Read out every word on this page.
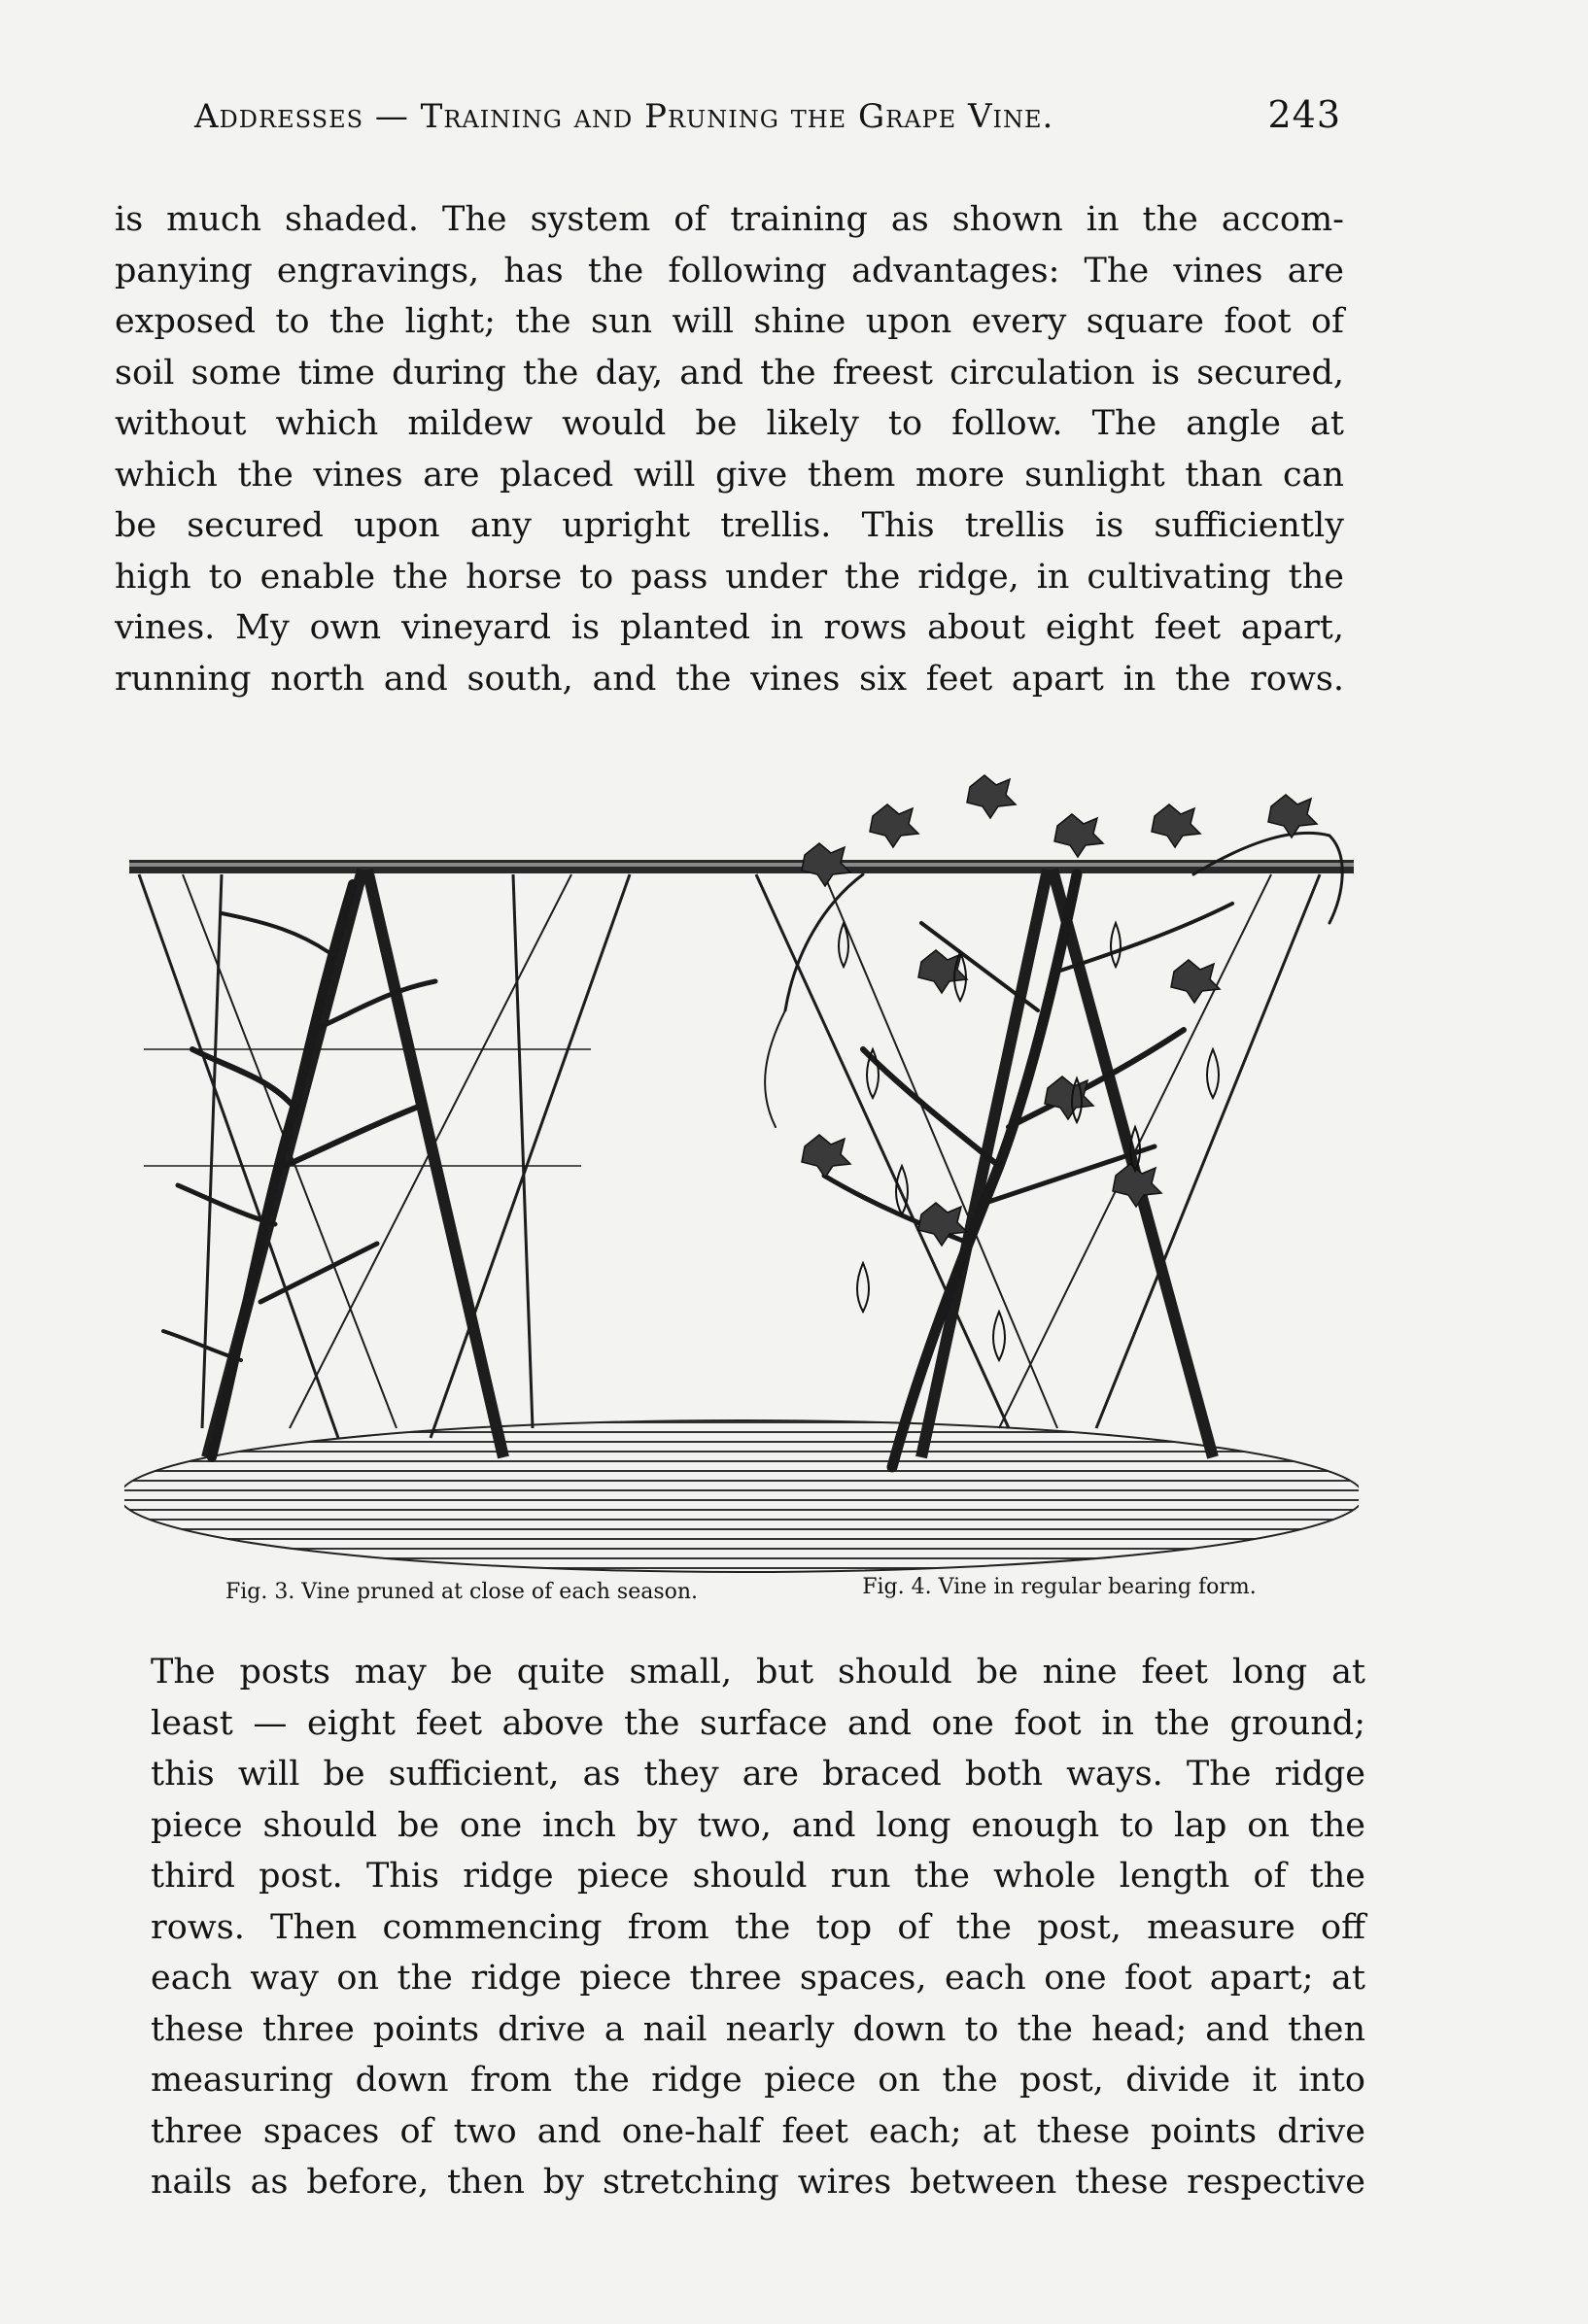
Addresses — Training and Pruning the Grape Vine.	243
is much shaded. The system of training as shown in the accom-
panying engravings, has the following advantages: The vines are
exposed to the light; the sun will shine upon every square foot of
soil some time during the day, and the freest circulation is secured,
without which mildew would be likely to follow. The angle at
which the vines are placed will give them more sunlight than can
be secured upon any upright trellis. This trellis is sufficiently
high to enable the horse to pass under the ridge, in cultivating the
vines. My own vineyard is planted in rows about eight feet apart,
running north and south, and the vines six feet apart in the rows.
Fig. 3. Vine pruned at close of each season.	Fig. 4. Vine in regular bearing form.
The posts may be quite small, but should be nine feet long at
least — eight feet above the surface and one foot in the ground;
this will be sufficient, as they are braced both ways. The ridge
piece should be one inch by two, and long enough to lap on the
third post. This ridge piece should run the whole length of the
rows. Then commencing from the top of the post, measure off
each way on the ridge piece three spaces, each one foot apart; at
these three points drive a nail nearly down to the head; and then
measuring down from the ridge piece on the post, divide it into
three spaces of two and one-half feet each; at these points drive
nails as before, then by stretching wires between these respective
